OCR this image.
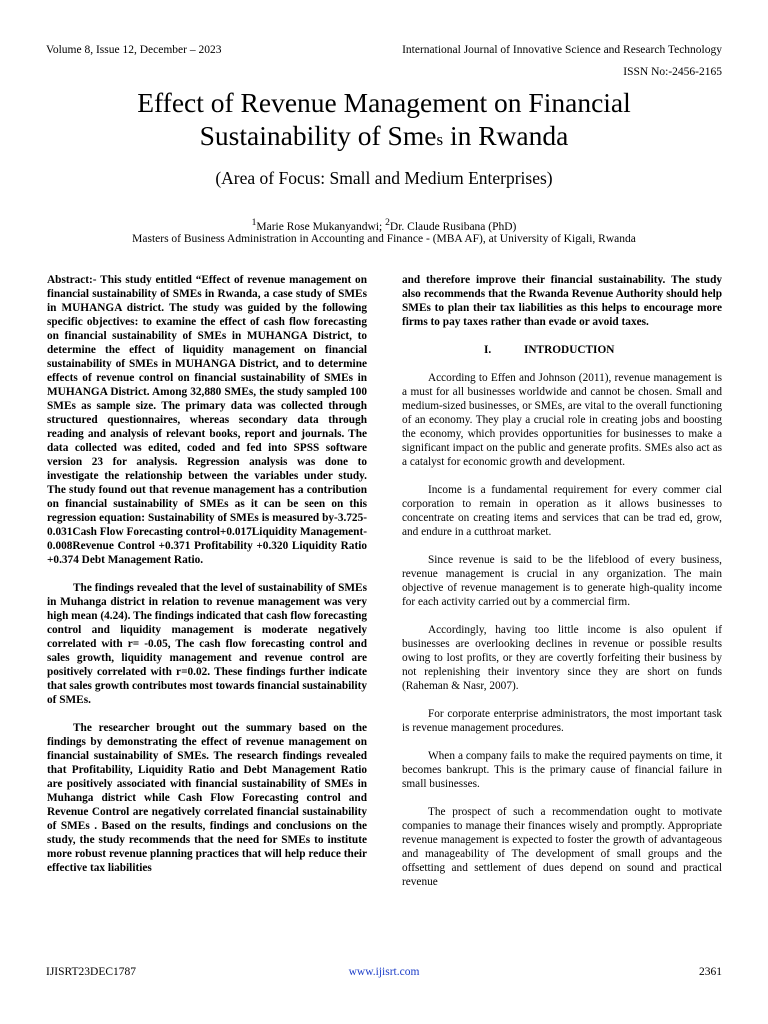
Volume 8, Issue 12, December – 2023	International Journal of Innovative Science and Research Technology
ISSN No:-2456-2165
Effect of Revenue Management on Financial
Sustainability of Smes in Rwanda

(Area of Focus: Small and Medium Enterprises)

$^1$Marie Rose Mukanyandwi; $^2$Dr. Claude Rusibana (PhD)
Masters of Business Administration in Accounting and Finance - (MBA AF), at University of Kigali, Rwanda

Abstract:- This study entitled “Effect of revenue management on financial sustainability of SMEs in Rwanda, a case study of SMEs in MUHANGA district. The study was guided by the following specific objectives: to examine the effect of cash flow forecasting on financial sustainability of SMEs in MUHANGA District, to determine the effect of liquidity management on financial sustainability of SMEs in MUHANGA District, and to determine effects of revenue control on financial sustainability of SMEs in MUHANGA District. Among 32,880 SMEs, the study sampled 100 SMEs as sample size. The primary data was collected through structured questionnaires, whereas secondary data through reading and analysis of relevant books, report and journals. The data collected was edited, coded and fed into SPSS software version 23 for analysis. Regression analysis was done to investigate the relationship between the variables under study. The study found out that revenue management has a contribution on financial sustainability of SMEs as it can be seen on this regression equation: Sustainability of SMEs is measured by-3.725-0.031Cash Flow Forecasting control+0.017Liquidity Management-0.008Revenue Control +0.371 Profitability +0.320 Liquidity Ratio +0.374 Debt Management Ratio.

The findings revealed that the level of sustainability of SMEs in Muhanga district in relation to revenue management was very high mean (4.24). The findings indicated that cash flow forecasting control and liquidity management is moderate negatively correlated with r= -0.05, The cash flow forecasting control and sales growth, liquidity management and revenue control are positively correlated with r=0.02. These findings further indicate that sales growth contributes most towards financial sustainability of SMEs.

The researcher brought out the summary based on the findings by demonstrating the effect of revenue management on financial sustainability of SMEs. The research findings revealed that Profitability, Liquidity Ratio and Debt Management Ratio are positively associated with financial sustainability of SMEs in Muhanga district while Cash Flow Forecasting control and Revenue Control are negatively correlated financial sustainability of SMEs . Based on the results, findings and conclusions on the study, the study recommends that the need for SMEs to institute more robust revenue planning practices that will help reduce their effective tax liabilities

and therefore improve their financial sustainability. The study also recommends that the Rwanda Revenue Authority should help SMEs to plan their tax liabilities as this helps to encourage more firms to pay taxes rather than evade or avoid taxes.

I.	INTRODUCTION

According to Effen and Johnson (2011), revenue management is a must for all businesses worldwide and cannot be chosen. Small and medium-sized businesses, or SMEs, are vital to the overall functioning of an economy. They play a crucial role in creating jobs and boosting the economy, which provides opportunities for businesses to make a significant impact on the public and generate profits. SMEs also act as a catalyst for economic growth and development.

Income is a fundamental requirement for every commer cial corporation to remain in operation as it allows businesses to concentrate on creating items and services that can be trad ed, grow, and endure in a cutthroat market.

Since revenue is said to be the lifeblood of every business, revenue management is crucial in any organization. The main objective of revenue management is to generate high-quality income for each activity carried out by a commercial firm.

Accordingly, having too little income is also opulent if businesses are overlooking declines in revenue or possible results owing to lost profits, or they are covertly forfeiting their business by not replenishing their inventory since they are short on funds (Raheman & Nasr, 2007).

For corporate enterprise administrators, the most important task is revenue management procedures.

When a company fails to make the required payments on time, it becomes bankrupt. This is the primary cause of financial failure in small businesses.

The prospect of such a recommendation ought to motivate companies to manage their finances wisely and promptly. Appropriate revenue management is expected to foster the growth of advantageous and manageability of The development of small groups and the offsetting and settlement of dues depend on sound and practical revenue

IJISRT23DEC1787	www.ijisrt.com	2361
